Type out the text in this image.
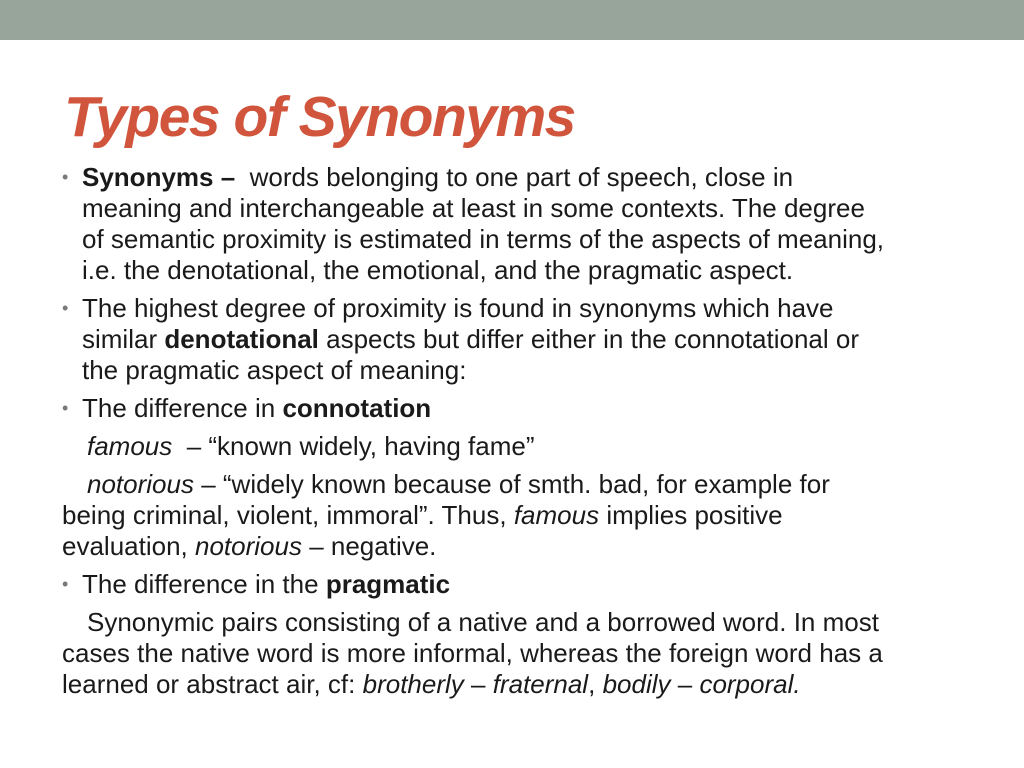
Types of Synonyms
• Synonyms – words belonging to one part of speech, close in
meaning and interchangeable at least in some contexts. The degree
of semantic proximity is estimated in terms of the aspects of meaning,
i.e. the denotational, the emotional, and the pragmatic aspect.
• The highest degree of proximity is found in synonyms which have
similar denotational aspects but differ either in the connotational or
the pragmatic aspect of meaning:
• The difference in connotation
famous – “known widely, having fame”
notorious – “widely known because of smth. bad, for example for
being criminal, violent, immoral”. Thus, famous implies positive
evaluation, notorious – negative.
• The difference in the pragmatic
Synonymic pairs consisting of a native and a borrowed word. In most
cases the native word is more informal, whereas the foreign word has a
learned or abstract air, cf: brotherly – fraternal, bodily – corporal.
